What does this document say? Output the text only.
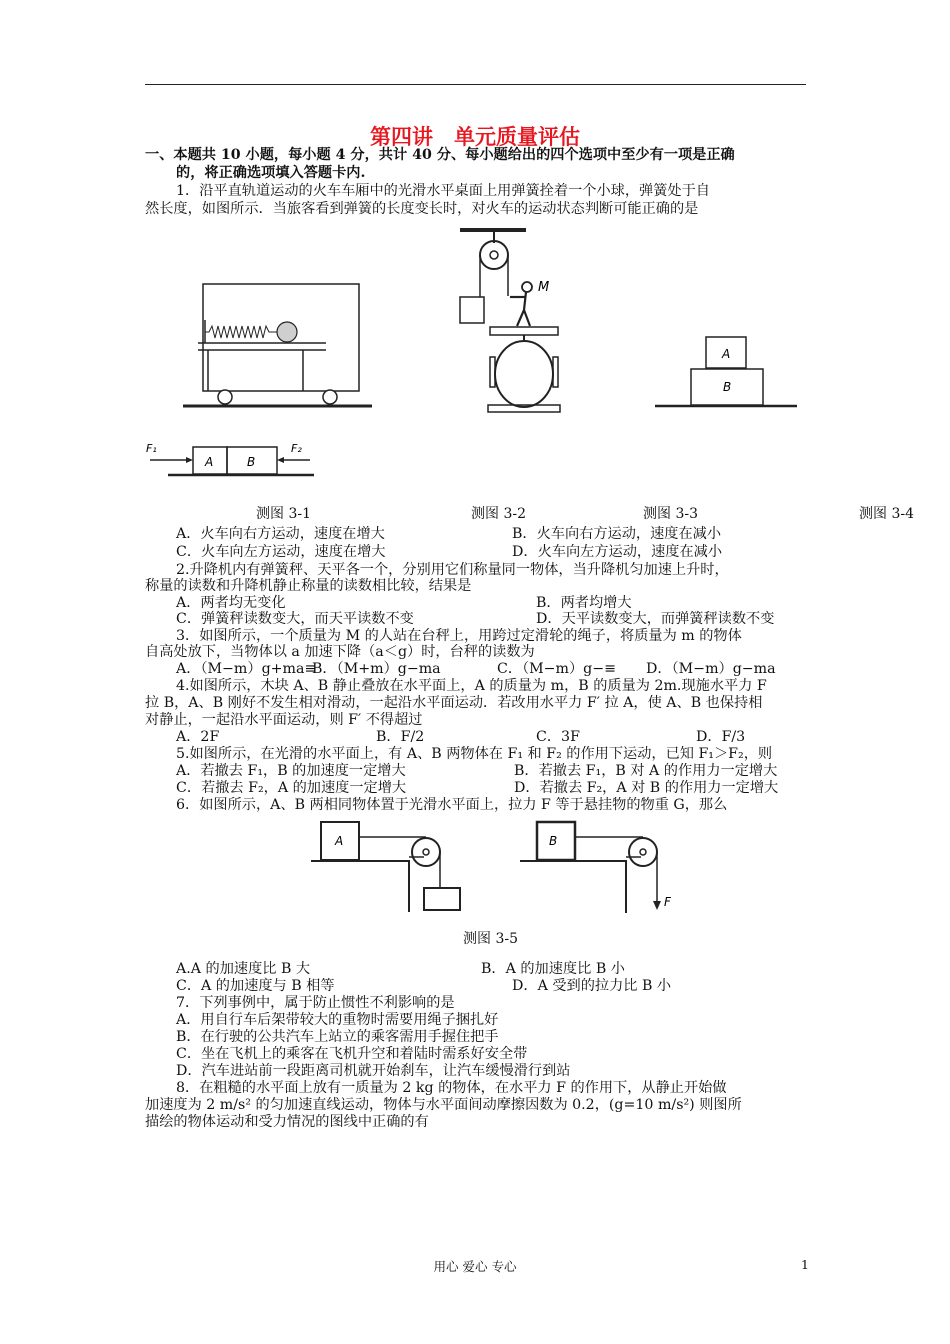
第四讲　单元质量评估
一、本题共 10 小题，每小题 4 分，共计 40 分、每小题给出的四个选项中至少有一项是正确
的，将正确选项填入答题卡内.
1．沿平直轨道运动的火车车厢中的光滑水平桌面上用弹簧拴着一个小球，弹簧处于自
然长度，如图所示．当旅客看到弹簧的长度变长时，对火车的运动状态判断可能正确的是
M
A
B
F₁
A	B
F₂
测图 3-1	测图 3-2	测图 3-3	测图 3-4
A．火车向右方运动，速度在增大	B．火车向右方运动，速度在减小
C．火车向左方运动，速度在增大	D．火车向左方运动，速度在减小
2.升降机内有弹簧秤、天平各一个，分别用它们称量同一物体，当升降机匀加速上升时，
称量的读数和升降机静止称量的读数相比较，结果是
A．两者均无变化	B．两者均增大
C．弹簧秤读数变大，而天平读数不变	D．天平读数变大，而弹簧秤读数不变
3．如图所示，一个质量为 M 的人站在台秤上，用跨过定滑轮的绳子，将质量为 m 的物体
自高处放下，当物体以 a 加速下降（a＜g）时，台秤的读数为
A．（M−m）g+ma≡
B．（M+m）g−ma	C．（M−m）g−≡ D．（M−m）g−ma
4.如图所示，木块 A、B 静止叠放在水平面上，A 的质量为 m，B 的质量为 2m.现施水平力 F
拉 B，A、B 刚好不发生相对滑动，一起沿水平面运动．若改用水平力 F′ 拉 A，使 A、B 也保持相
对静止，一起沿水平面运动，则 F′ 不得超过
A．2F	B．F/2	C．3F	D．F/3
5.如图所示，在光滑的水平面上，有 A、B 两物体在 F₁ 和 F₂ 的作用下运动，已知 F₁＞F₂，则
A．若撤去 F₁，B 的加速度一定增大	B．若撤去 F₁，B 对 A 的作用力一定增大
C．若撤去 F₂，A 的加速度一定增大	D．若撤去 F₂，A 对 B 的作用力一定增大
6．如图所示，A、B 两相同物体置于光滑水平面上，拉力 F 等于悬挂物的物重 G，那么
A	B
F
测图 3-5
A.A 的加速度比 B 大	B．A 的加速度比 B 小
C．A 的加速度与 B 相等	D．A 受到的拉力比 B 小
7．下列事例中，属于防止惯性不利影响的是
A．用自行车后架带较大的重物时需要用绳子捆扎好
B．在行驶的公共汽车上站立的乘客需用手握住把手
C．坐在飞机上的乘客在飞机升空和着陆时需系好安全带
D．汽车进站前一段距离司机就开始刹车，让汽车缓慢滑行到站
8．在粗糙的水平面上放有一质量为 2 kg 的物体，在水平力 F 的作用下，从静止开始做
加速度为 2 m/s² 的匀加速直线运动，物体与水平面间动摩擦因数为 0.2，(g=10 m/s²) 则图所
描绘的物体运动和受力情况的图线中正确的有
用心 爱心 专心	1
